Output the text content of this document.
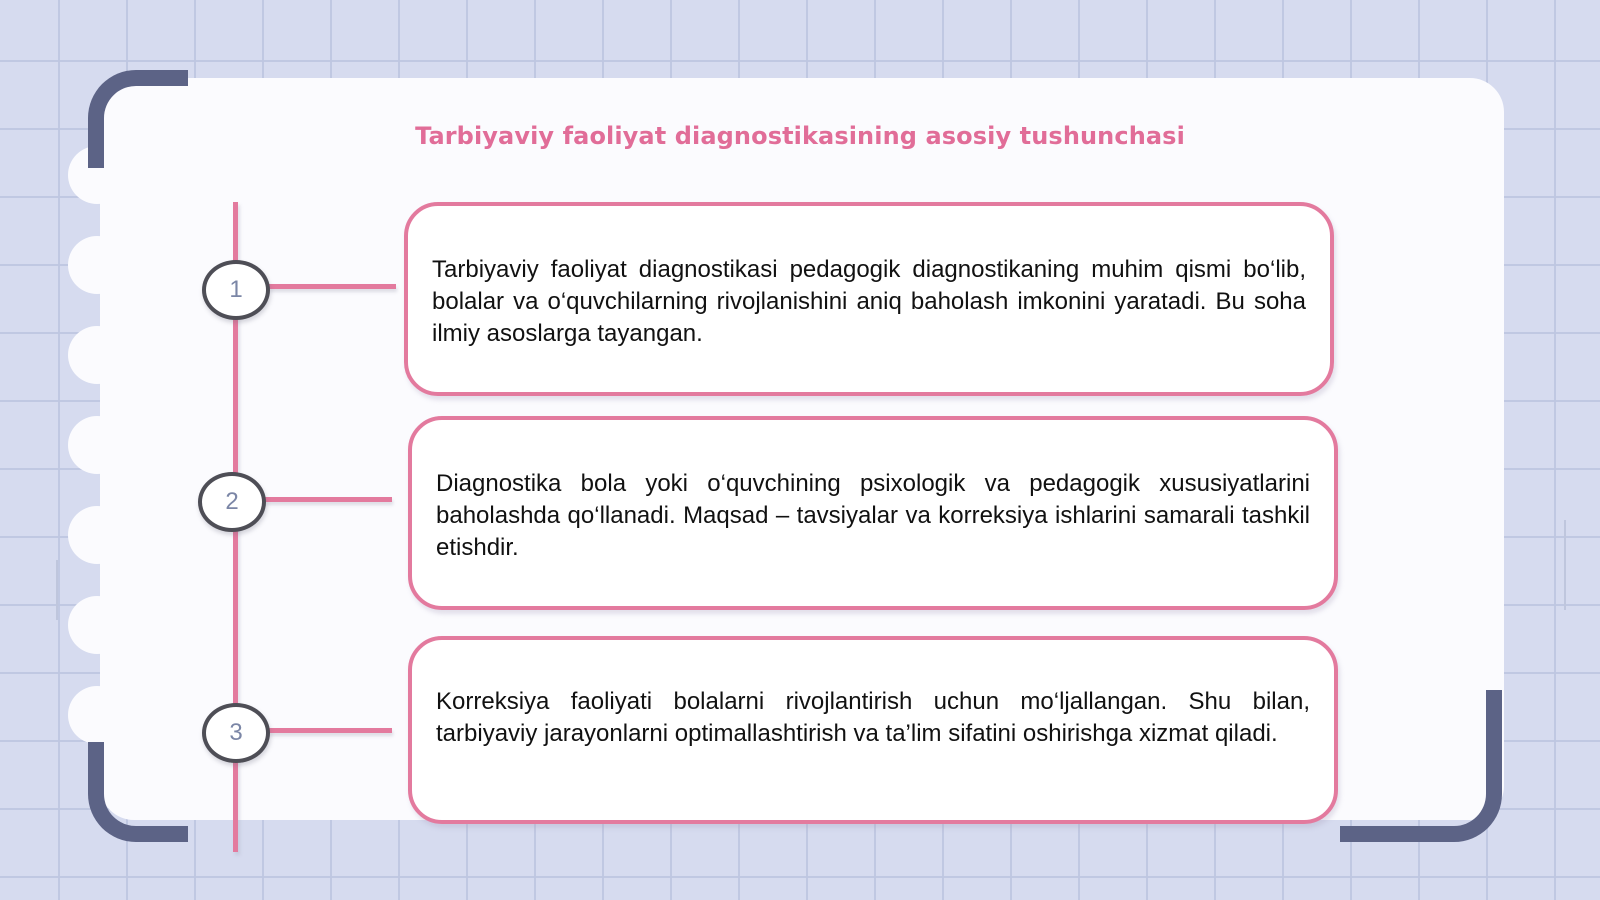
Tarbiyaviy faoliyat diagnostikasining asosiy tushunchasi
1
2
3

Tarbiyaviy faoliyat diagnostikasi pedagogik diagnostikaning muhim qismi bo‘lib, bolalar va o‘quvchilarning rivojlanishini aniq baholash imkonini yaratadi. Bu soha ilmiy asoslarga tayangan.

Diagnostika bola yoki o‘quvchining psixologik va pedagogik xususiyatlarini baholashda qo‘llanadi. Maqsad – tavsiyalar va korreksiya ishlarini samarali tashkil etishdir.

Korreksiya faoliyati bolalarni rivojlantirish uchun mo‘ljallangan. Shu bilan, tarbiyaviy jarayonlarni optimallashtirish va ta’lim sifatini oshirishga xizmat qiladi.
